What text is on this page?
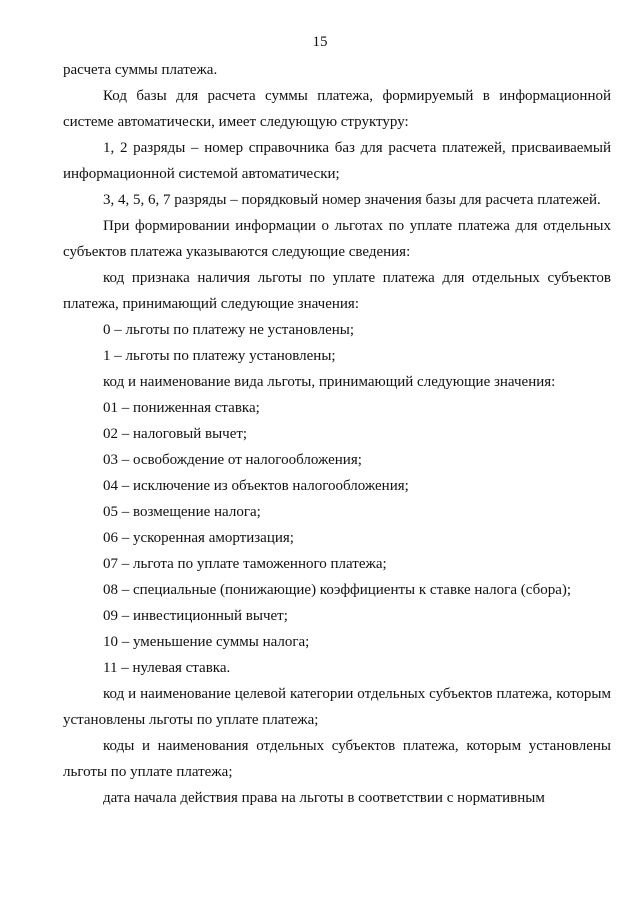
15

расчета суммы платежа.

Код базы для расчета суммы платежа, формируемый в информационной системе автоматически, имеет следующую структуру:

1, 2 разряды – номер справочника баз для расчета платежей, присваиваемый информационной системой автоматически;

3, 4, 5, 6, 7 разряды – порядковый номер значения базы для расчета платежей.

При формировании информации о льготах по уплате платежа для отдельных субъектов платежа указываются следующие сведения:

код признака наличия льготы по уплате платежа для отдельных субъектов платежа, принимающий следующие значения:

0 – льготы по платежу не установлены;

1 – льготы по платежу установлены;

код и наименование вида льготы, принимающий следующие значения:

01 – пониженная ставка;

02 – налоговый вычет;

03 – освобождение от налогообложения;

04 – исключение из объектов налогообложения;

05 – возмещение налога;

06 – ускоренная амортизация;

07 – льгота по уплате таможенного платежа;

08 – специальные (понижающие) коэффициенты к ставке налога (сбора);

09 – инвестиционный вычет;

10 – уменьшение суммы налога;

11 – нулевая ставка.

код и наименование целевой категории отдельных субъектов платежа, которым установлены льготы по уплате платежа;

коды и наименования отдельных субъектов платежа, которым установлены льготы по уплате платежа;

дата начала действия права на льготы в соответствии с нормативным
